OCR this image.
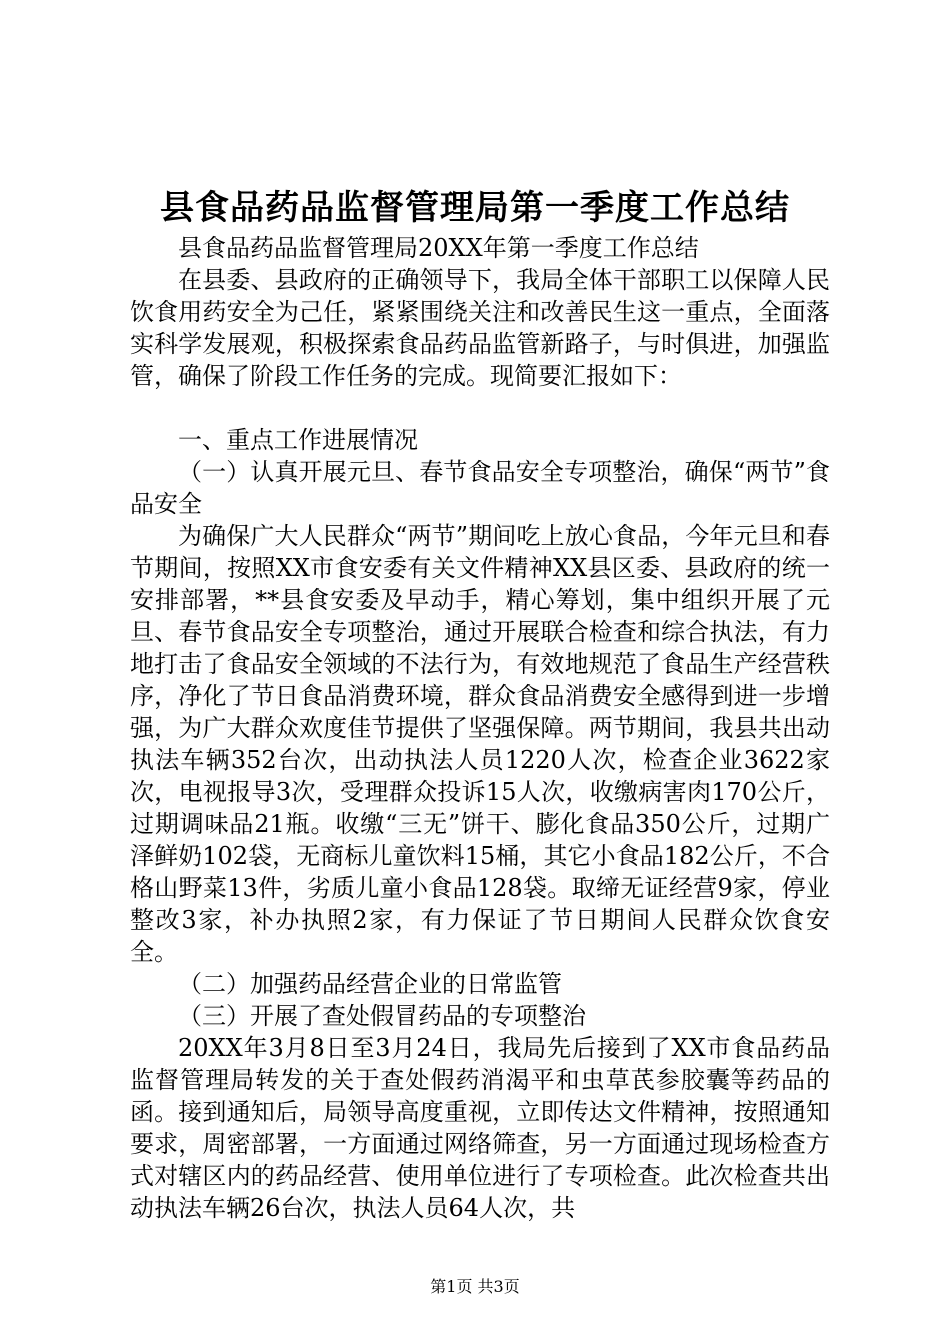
县食品药品监督管理局第一季度工作总结

县食品药品监督管理局20XX年第一季度工作总结

在县委、县政府的正确领导下，我局全体干部职工以保障人民饮食用药安全为己任，紧紧围绕关注和改善民生这一重点，全面落实科学发展观，积极探索食品药品监管新路子，与时俱进，加强监管，确保了阶段工作任务的完成。现简要汇报如下：

一、重点工作进展情况

（一）认真开展元旦、春节食品安全专项整治，确保“两节”食品安全

为确保广大人民群众“两节”期间吃上放心食品，今年元旦和春节期间，按照XX市食安委有关文件精神XX县区委、县政府的统一安排部署，**县食安委及早动手，精心筹划，集中组织开展了元旦、春节食品安全专项整治，通过开展联合检查和综合执法，有力地打击了食品安全领域的不法行为，有效地规范了食品生产经营秩序，净化了节日食品消费环境，群众食品消费安全感得到进一步增强，为广大群众欢度佳节提供了坚强保障。两节期间，我县共出动执法车辆352台次，出动执法人员1220人次，检查企业3622家次，电视报导3次，受理群众投诉15人次，收缴病害肉170公斤，过期调味品21瓶。收缴“三无”饼干、膨化食品350公斤，过期广泽鲜奶102袋，无商标儿童饮料15桶，其它小食品182公斤，不合格山野菜13件，劣质儿童小食品128袋。取缔无证经营9家，停业整改3家，补办执照2家，有力保证了节日期间人民群众饮食安全。

（二）加强药品经营企业的日常监管

（三）开展了查处假冒药品的专项整治

20XX年3月8日至3月24日，我局先后接到了XX市食品药品监督管理局转发的关于查处假药消渴平和虫草芪参胶囊等药品的函。接到通知后，局领导高度重视，立即传达文件精神，按照通知要求，周密部署，一方面通过网络筛查，另一方面通过现场检查方式对辖区内的药品经营、使用单位进行了专项检查。此次检查共出动执法车辆26台次，执法人员64人次，共

第1页 共3页
